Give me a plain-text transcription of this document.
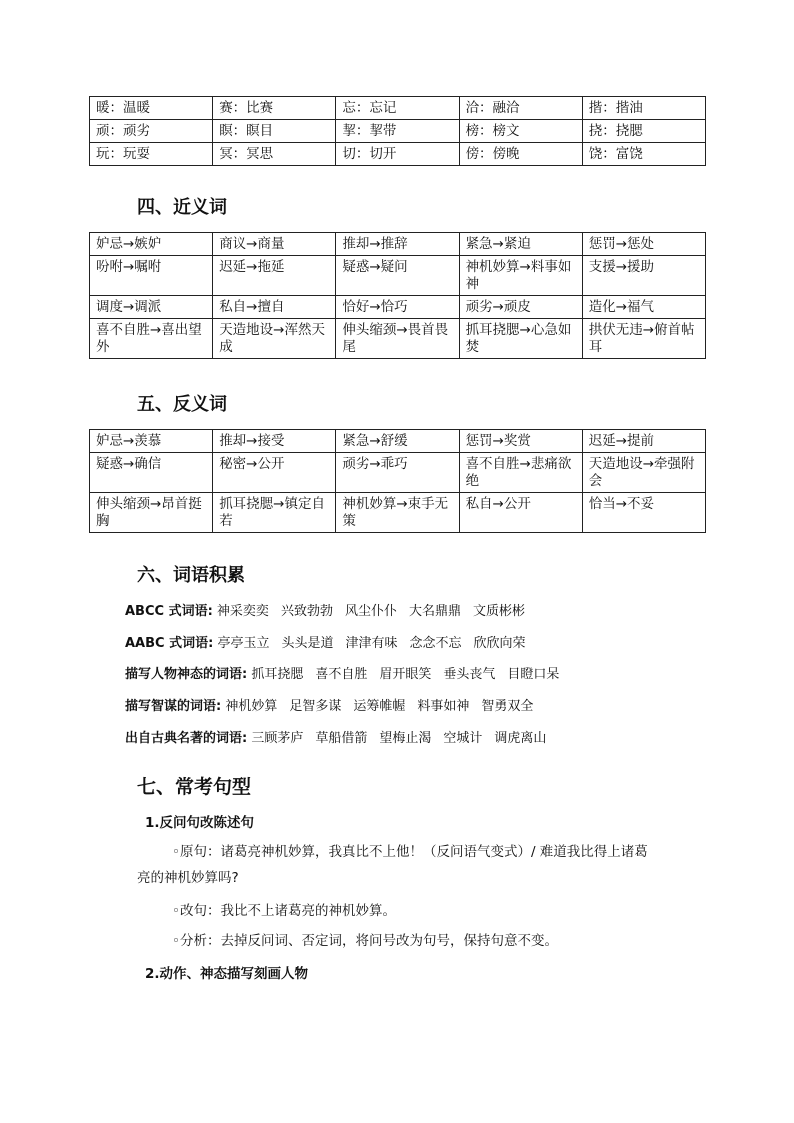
暖：温暖	赛：比赛	忘：忘记	洽：融洽	揩：揩油
顽：顽劣	瞑：瞑目	挈：挈带	榜：榜文	挠：挠腮
玩：玩耍	冥：冥思	切：切开	傍：傍晚	饶：富饶
四、近义词
妒忌→嫉妒	商议→商量	推却→推辞	紧急→紧迫	惩罚→惩处
吩咐→嘱咐	迟延→拖延	疑惑→疑问	神机妙算→料事如神	支援→援助
调度→调派	私自→擅自	恰好→恰巧	顽劣→顽皮	造化→福气
喜不自胜→喜出望外	天造地设→浑然天成	伸头缩颈→畏首畏尾	抓耳挠腮→心急如焚	拱伏无违→俯首帖耳
五、反义词
妒忌→羡慕	推却→接受	紧急→舒缓	惩罚→奖赏	迟延→提前
疑惑→确信	秘密→公开	顽劣→乖巧	喜不自胜→悲痛欲绝	天造地设→牵强附会
伸头缩颈→昂首挺胸	抓耳挠腮→镇定自若	神机妙算→束手无策	私自→公开	恰当→不妥
六、词语积累
ABCC 式词语: 神采奕奕 兴致勃勃 风尘仆仆 大名鼎鼎 文质彬彬
AABC 式词语: 亭亭玉立 头头是道 津津有味 念念不忘 欣欣向荣
描写人物神态的词语: 抓耳挠腮 喜不自胜 眉开眼笑 垂头丧气 目瞪口呆
描写智谋的词语: 神机妙算 足智多谋 运筹帷幄 料事如神 智勇双全
出自古典名著的词语: 三顾茅庐 草船借箭 望梅止渴 空城计 调虎离山
七、常考句型
1.反问句改陈述句
◦原句：诸葛亮神机妙算，我真比不上他！（反问语气变式）/ 难道我比得上诸葛
亮的神机妙算吗?
◦改句：我比不上诸葛亮的神机妙算。
◦分析：去掉反问词、否定词，将问号改为句号，保持句意不变。
2.动作、神态描写刻画人物
